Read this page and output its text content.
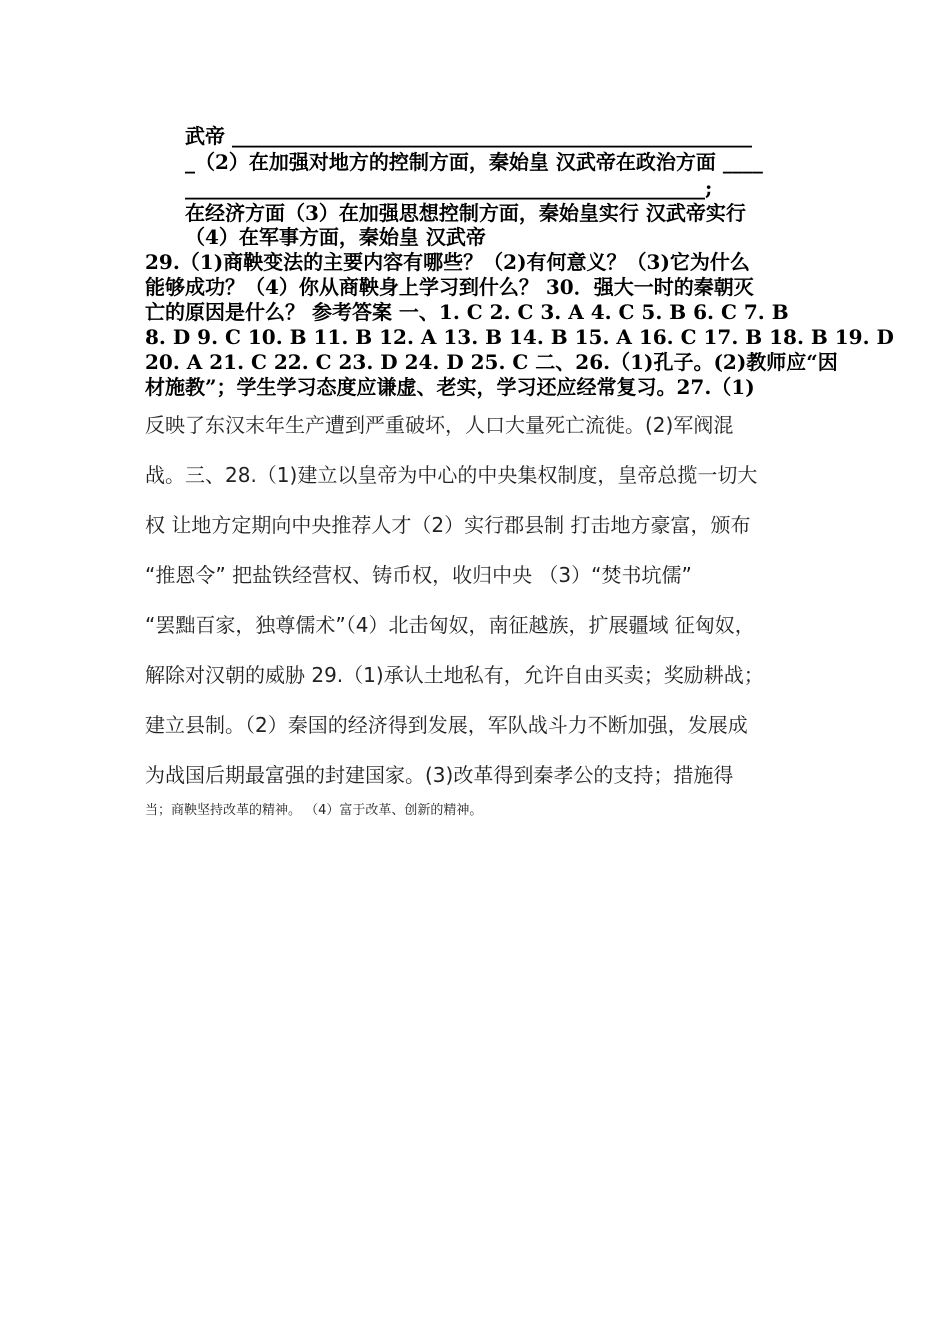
武帝 ____________________________________________________
_（2）在加强对地方的控制方面，秦始皇 汉武帝在政治方面 ____
____________________________________________________;
在经济方面（3）在加强思想控制方面，秦始皇实行 汉武帝实行
（4）在军事方面，秦始皇 汉武帝
29.（1)商鞅变法的主要内容有哪些？（2)有何意义？（3)它为什么
能够成功？（4）你从商鞅身上学习到什么？ 30．强大一时的秦朝灭
亡的原因是什么？ 参考答案 一、1. C 2. C 3. A 4. C 5. B 6. C 7. B
8. D 9. C 10. B 11. B 12. A 13. B 14. B 15. A 16. C 17. B 18. B 19. D
20. A 21. C 22. C 23. D 24. D 25. C 二、26.（1)孔子。(2)教师应“因
材施教”；学生学习态度应谦虚、老实，学习还应经常复习。27.（1)
反映了东汉末年生产遭到严重破坏，人口大量死亡流徙。(2)军阀混
战。三、28.（1)建立以皇帝为中心的中央集权制度，皇帝总揽一切大
权 让地方定期向中央推荐人才（2）实行郡县制 打击地方豪富，颁布
“推恩令” 把盐铁经营权、铸币权，收归中央 （3）“焚书坑儒”
“罢黜百家，独尊儒术”（4）北击匈奴，南征越族，扩展疆域 征匈奴，
解除对汉朝的威胁 29.（1)承认土地私有，允许自由买卖；奖励耕战；
建立县制。（2）秦国的经济得到发展，军队战斗力不断加强，发展成
为战国后期最富强的封建国家。(3)改革得到秦孝公的支持；措施得
当；商鞅坚持改革的精神。 （4）富于改革、创新的精神。
